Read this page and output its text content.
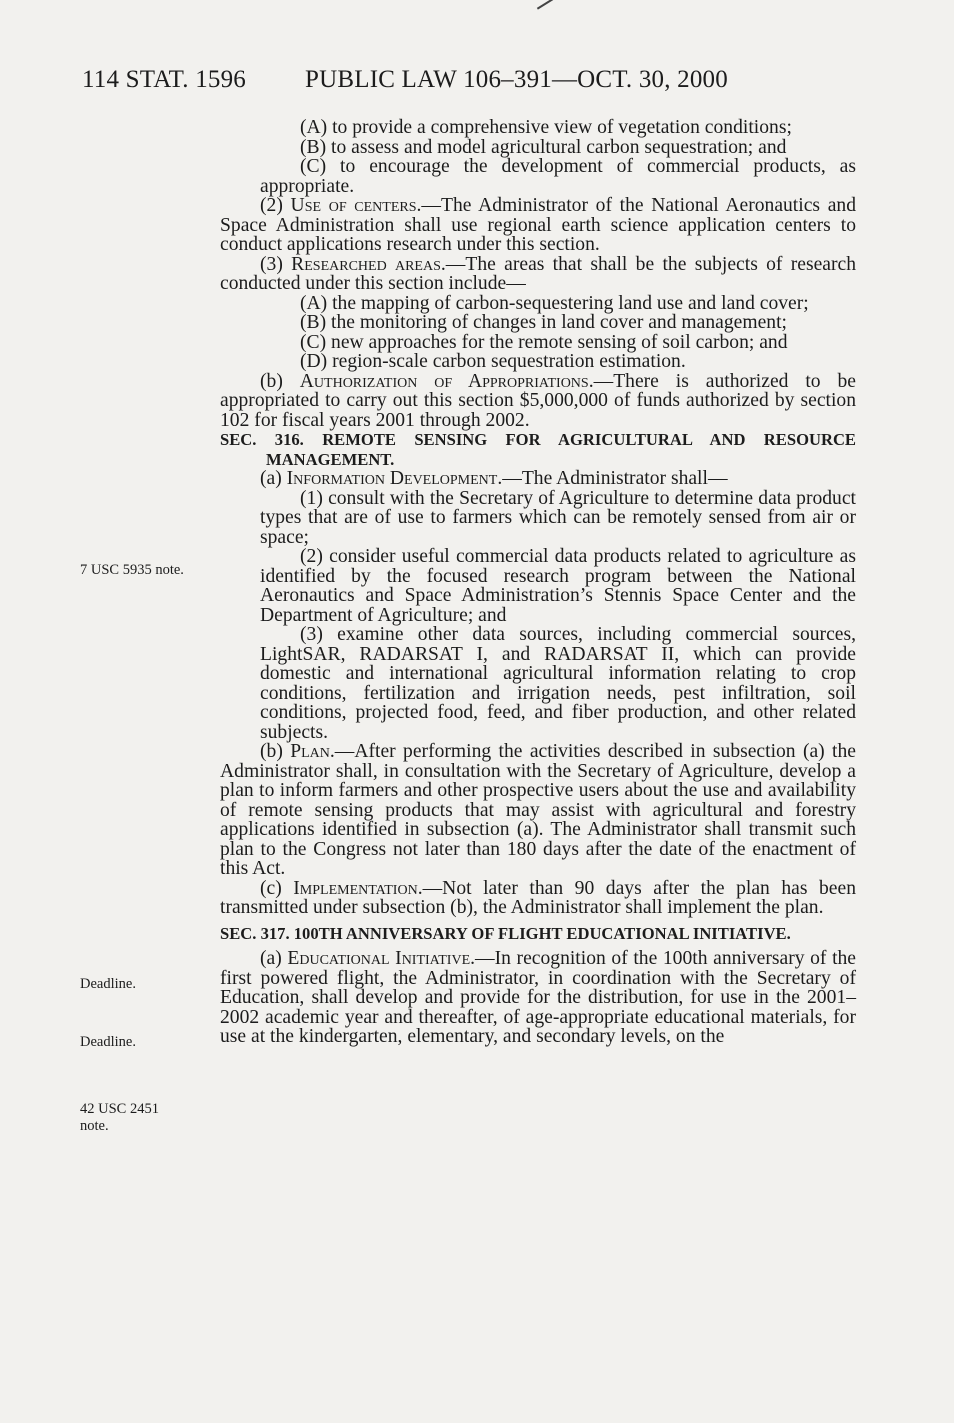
114 STAT. 1596 PUBLIC LAW 106–391—OCT. 30, 2000
7 USC 5935 note.
Deadline.
Deadline.
42 USC 2451
note.

(A) to provide a comprehensive view of vegetation conditions;

(B) to assess and model agricultural carbon sequestration; and

(C) to encourage the development of commercial products, as appropriate.

(2) Use of centers.—The Administrator of the National Aeronautics and Space Administration shall use regional earth science application centers to conduct applications research under this section.

(3) Researched areas.—The areas that shall be the subjects of research conducted under this section include—

(A) the mapping of carbon-sequestering land use and land cover;

(B) the monitoring of changes in land cover and management;

(C) new approaches for the remote sensing of soil carbon; and

(D) region-scale carbon sequestration estimation.

(b) Authorization of Appropriations.—There is authorized to be appropriated to carry out this section $5,000,000 of funds authorized by section 102 for fiscal years 2001 through 2002.

SEC. 316. REMOTE SENSING FOR AGRICULTURAL AND RESOURCE MANAGEMENT.

(a) Information Development.—The Administrator shall—

(1) consult with the Secretary of Agriculture to determine data product types that are of use to farmers which can be remotely sensed from air or space;

(2) consider useful commercial data products related to agriculture as identified by the focused research program between the National Aeronautics and Space Administration’s Stennis Space Center and the Department of Agriculture; and

(3) examine other data sources, including commercial sources, LightSAR, RADARSAT I, and RADARSAT II, which can provide domestic and international agricultural information relating to crop conditions, fertilization and irrigation needs, pest infiltration, soil conditions, projected food, feed, and fiber production, and other related subjects.

(b) Plan.—After performing the activities described in subsection (a) the Administrator shall, in consultation with the Secretary of Agriculture, develop a plan to inform farmers and other prospective users about the use and availability of remote sensing products that may assist with agricultural and forestry applications identified in subsection (a). The Administrator shall transmit such plan to the Congress not later than 180 days after the date of the enactment of this Act.

(c) Implementation.—Not later than 90 days after the plan has been transmitted under subsection (b), the Administrator shall implement the plan.

SEC. 317. 100TH ANNIVERSARY OF FLIGHT EDUCATIONAL INITIATIVE.

(a) Educational Initiative.—In recognition of the 100th anniversary of the first powered flight, the Administrator, in coordination with the Secretary of Education, shall develop and provide for the distribution, for use in the 2001–2002 academic year and thereafter, of age-appropriate educational materials, for use at the kindergarten, elementary, and secondary levels, on the
